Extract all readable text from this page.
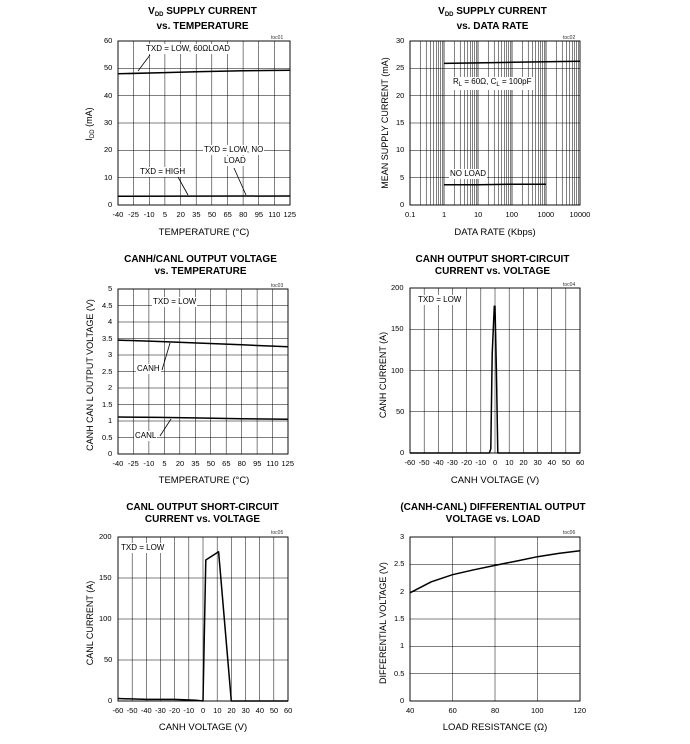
$V_{DD}$ SUPPLY CURRENT
vs. TEMPERATURE
toc01
$I_{DD}$ (mA)
TEMPERATURE (°C)
TXD = LOW, 60ΩLOAD
TXD = LOW, NO
LOAD
TXD = HIGH
$V_{DD}$ SUPPLY CURRENT
vs. DATA RATE
toc02
MEAN SUPPLY CURRENT (mA)
DATA RATE (Kbps)
$R_L = 60\Omega$, $C_L = 100pF$
NO LOAD
CANH/CANL OUTPUT VOLTAGE
vs. TEMPERATURE
toc03
CANH CAN L OUTPUT VOLTAGE (V)
TEMPERATURE (°C)
TXD = LOW
CANH
CANL
CANH OUTPUT SHORT-CIRCUIT
CURRENT vs. VOLTAGE
toc04
CANH CURRENT (A)
CANH VOLTAGE (V)
TXD = LOW
CANL OUTPUT SHORT-CIRCUIT
CURRENT vs. VOLTAGE
toc05
CANL CURRENT (A)
CANH VOLTAGE (V)
TXD = LOW
(CANH-CANL) DIFFERENTIAL OUTPUT
VOLTAGE vs. LOAD
toc06
DIFFERENTIAL VOLTAGE (V)
LOAD RESISTANCE (Ω)
-40 -25 -10 5 20 35 50 65 80 95 110 125
0
10
20
30
40
50
60
0.1	1	10	100	1000 10000
0
5
10
15
20
25
30
-40 -25 -10 5 20 35 50 65 80 95 110 125
0
0.5
1
1.5
2
2.5
3
3.5
4
4.5
5
-60 -50 -40 -30 -20 -10 0 10 20 30 40 50 60
0
50
100
150
200
-60 -50 -40 -30 -20 -10 0 10 20 30 40 50 60
0
50
100
150
200
40	60	80	100	120
0
0.5
1
1.5
2
2.5
3
